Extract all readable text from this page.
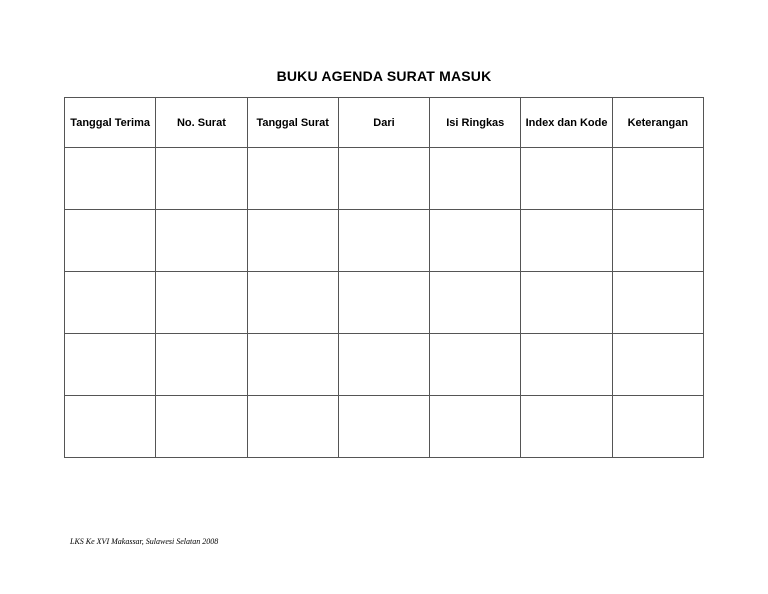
BUKU AGENDA SURAT MASUK
Tanggal Terima	No. Surat	Tanggal Surat	Dari	Isi Ringkas	Index dan Kode	Keterangan

LKS Ke XVI Makassar, Sulawesi Selatan 2008
